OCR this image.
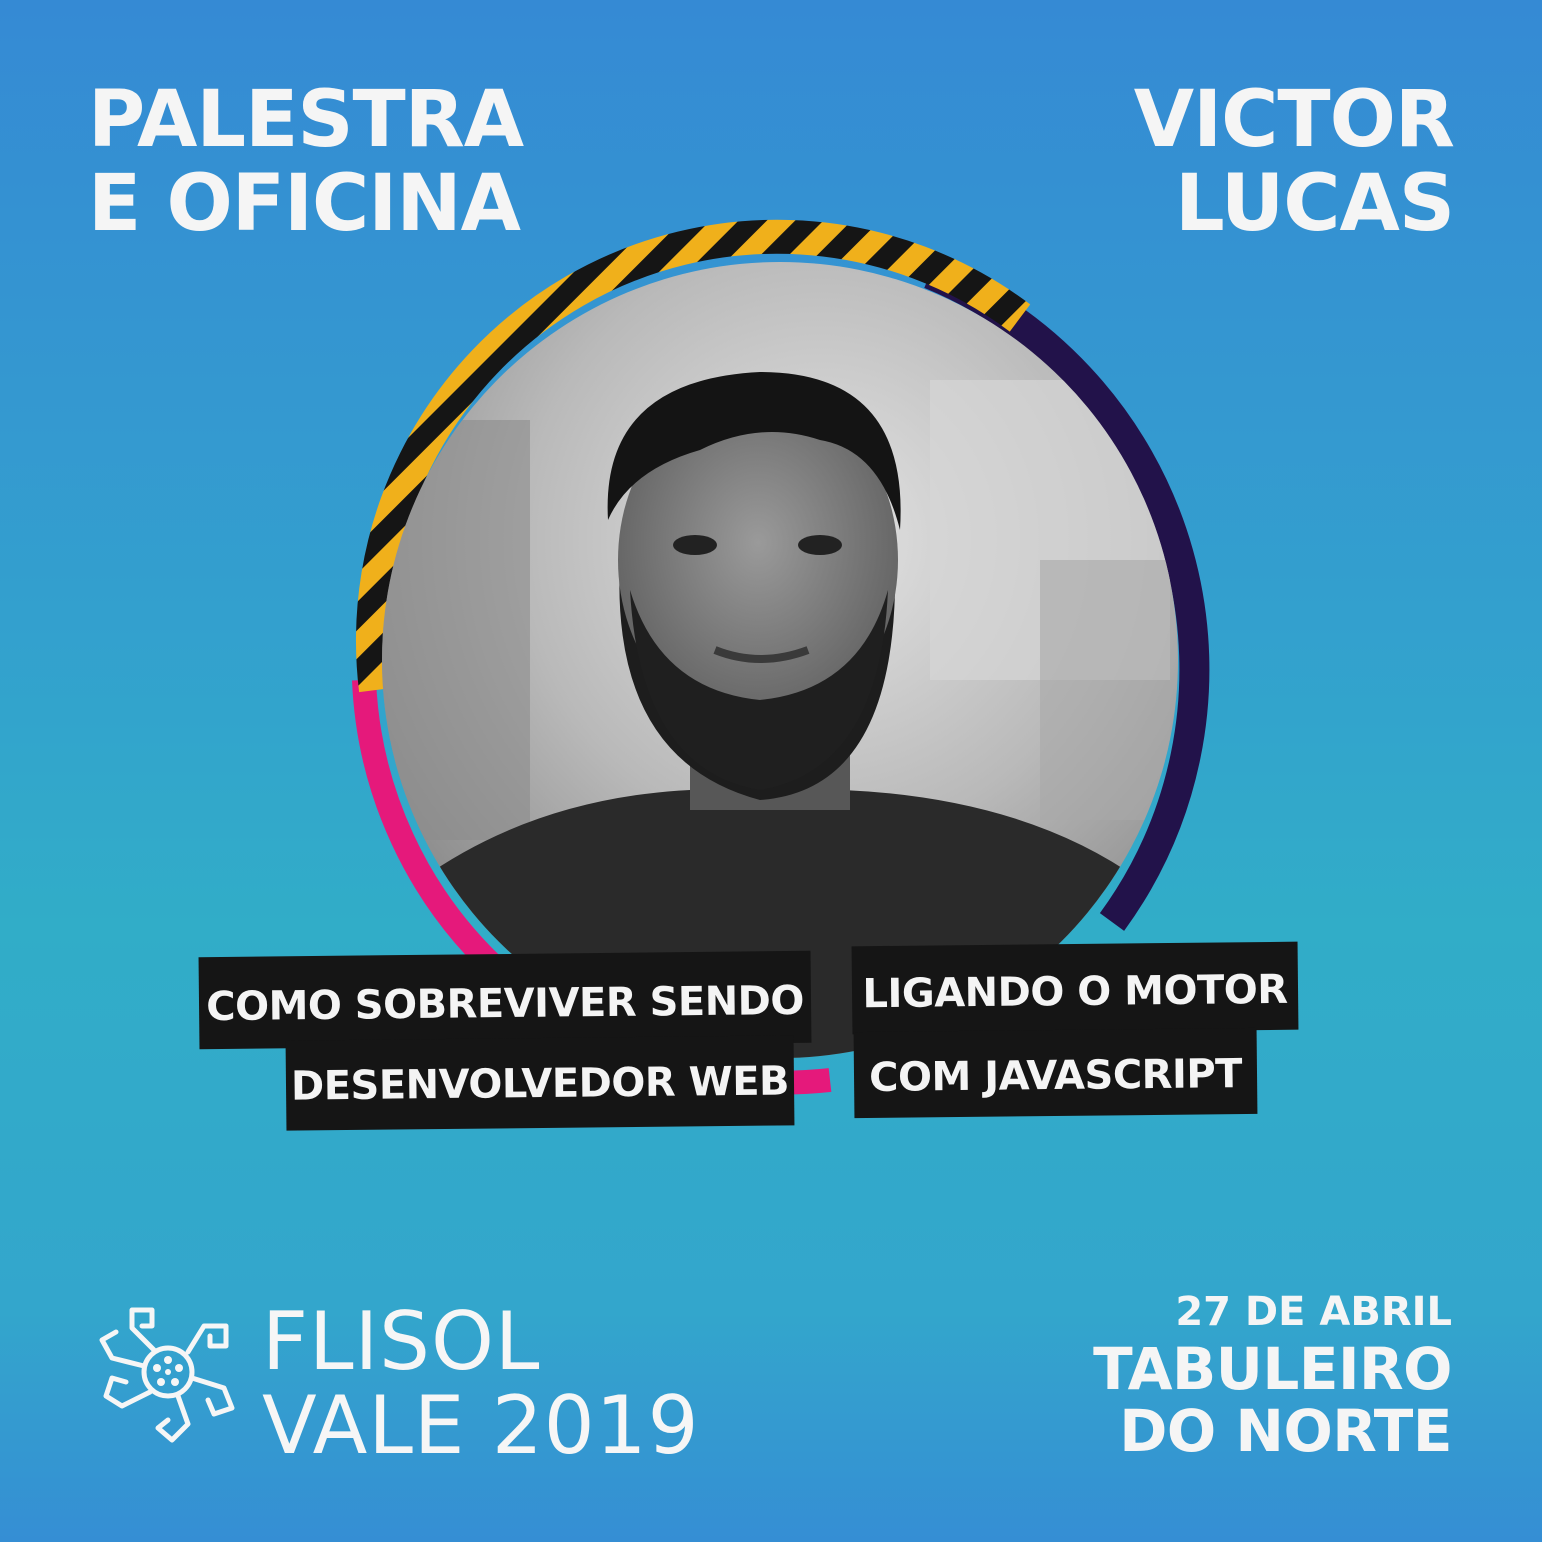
PALESTRA
E OFICINA
VICTOR
LUCAS
COMO SOBREVIVER SENDO
DESENVOLVEDOR WEB
LIGANDO O MOTOR
COM JAVASCRIPT
FLISOL
VALE 2019
27 DE ABRIL
TABULEIRO
DO NORTE
